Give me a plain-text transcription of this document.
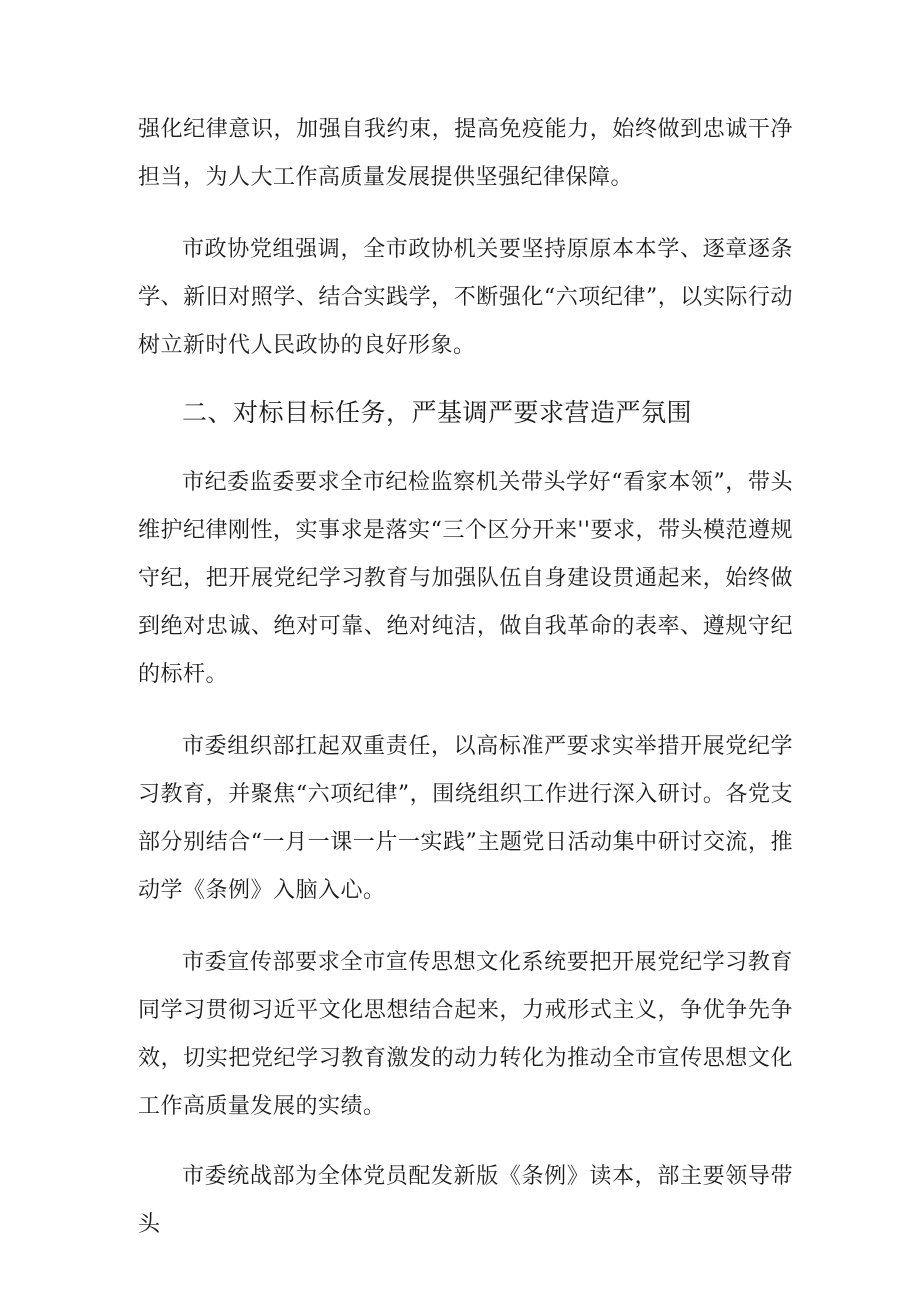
强化纪律意识，加强自我约束，提高免疫能力，始终做到忠诚干净担当，为人大工作高质量发展提供坚强纪律保障。

市政协党组强调，全市政协机关要坚持原原本本学、逐章逐条学、新旧对照学、结合实践学，不断强化“六项纪律”，以实际行动树立新时代人民政协的良好形象。

二、对标目标任务，严基调严要求营造严氛围

市纪委监委要求全市纪检监察机关带头学好“看家本领”，带头维护纪律刚性，实事求是落实“三个区分开来''要求，带头模范遵规守纪，把开展党纪学习教育与加强队伍自身建设贯通起来，始终做到绝对忠诚、绝对可靠、绝对纯洁，做自我革命的表率、遵规守纪的标杆。

市委组织部扛起双重责任，以高标准严要求实举措开展党纪学习教育，并聚焦“六项纪律”，围绕组织工作进行深入研讨。各党支部分别结合“一月一课一片一实践”主题党日活动集中研讨交流，推动学《条例》入脑入心。

市委宣传部要求全市宣传思想文化系统要把开展党纪学习教育同学习贯彻习近平文化思想结合起来，力戒形式主义，争优争先争效，切实把党纪学习教育激发的动力转化为推动全市宣传思想文化工作高质量发展的实绩。

市委统战部为全体党员配发新版《条例》读本，部主要领导带头
